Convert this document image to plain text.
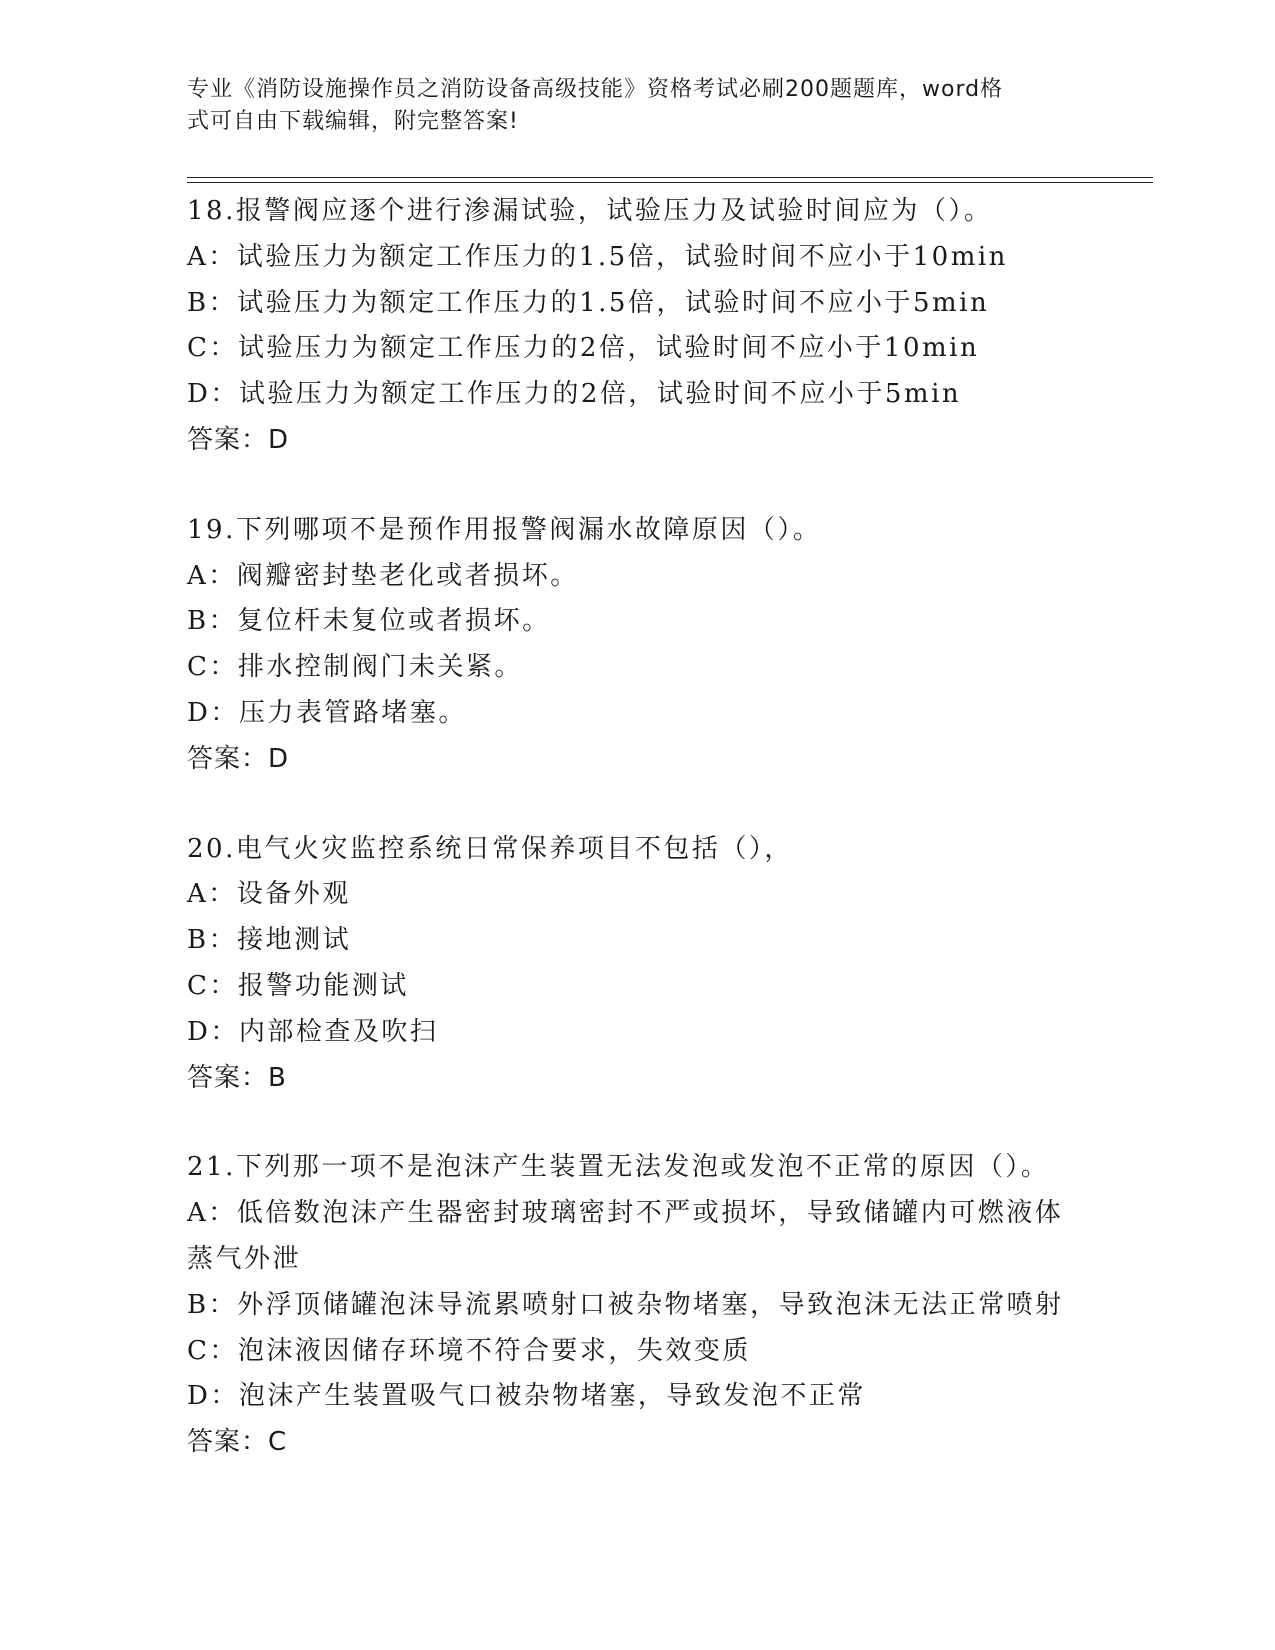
专业《消防设施操作员之消防设备高级技能》资格考试必刷200题题库，word格
式可自由下载编辑，附完整答案!
18.报警阀应逐个进行渗漏试验，试验压力及试验时间应为（）。
A：试验压力为额定工作压力的1.5倍，试验时间不应小于10min
B：试验压力为额定工作压力的1.5倍，试验时间不应小于5min
C：试验压力为额定工作压力的2倍，试验时间不应小于10min
D：试验压力为额定工作压力的2倍，试验时间不应小于5min
答案：D
19.下列哪项不是预作用报警阀漏水故障原因（）。
A：阀瓣密封垫老化或者损坏。
B：复位杆未复位或者损坏。
C：排水控制阀门未关紧。
D：压力表管路堵塞。
答案：D
20.电气火灾监控系统日常保养项目不包括（），
A：设备外观
B：接地测试
C：报警功能测试
D：内部检查及吹扫
答案：B
21.下列那一项不是泡沫产生装置无法发泡或发泡不正常的原因（）。
A：低倍数泡沫产生器密封玻璃密封不严或损坏，导致储罐内可燃液体
蒸气外泄
B：外浮顶储罐泡沫导流累喷射口被杂物堵塞，导致泡沫无法正常喷射
C：泡沫液因储存环境不符合要求，失效变质
D：泡沫产生装置吸气口被杂物堵塞，导致发泡不正常
答案：C
